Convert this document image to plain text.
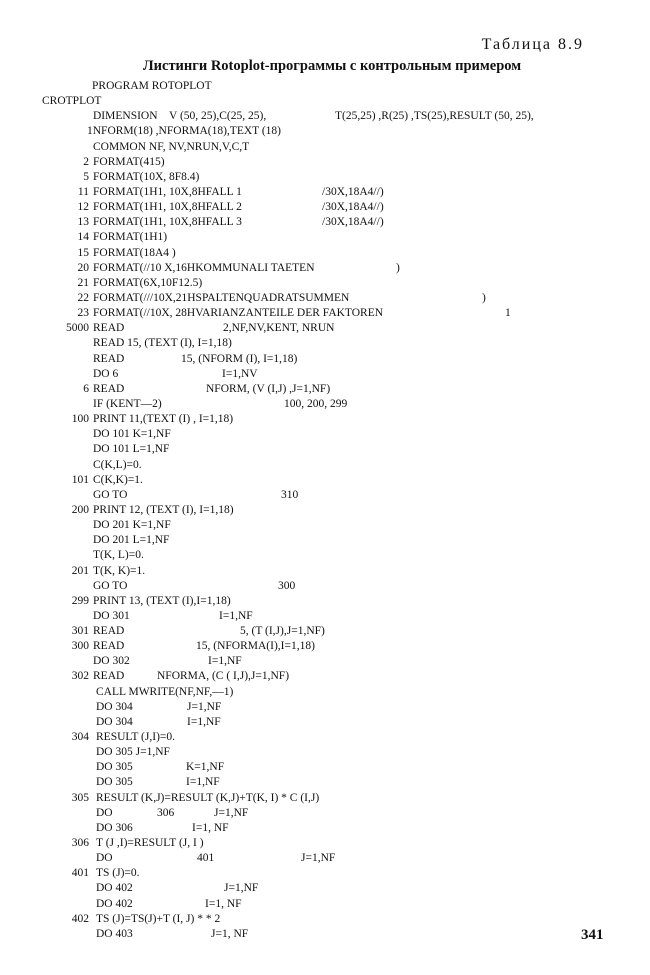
Таблица 8.9
Листинги Rotoplot-программы с контрольным примером
PROGRAM ROTOPLOT
CROTPLOT
DIMENSION V (50, 25),C(25, 25),	T(25,25) ,R(25) ,TS(25),RESULT (50, 25),
1NFORM(18) ,NFORMA(18),TEXT (18)
COMMON NF, NV,NRUN,V,C,T
2 FORMAT(415)
5 FORMAT(10X, 8F8.4)
11 FORMAT(1H1, 10X,8HFALL 1	/30X,18A4//)
12 FORMAT(1H1, 10X,8HFALL 2	/30X,18A4//)
13 FORMAT(1H1, 10X,8HFALL 3	/30X,18A4//)
14 FORMAT(1H1)
15 FORMAT(18A4 )
20 FORMAT(//10 X,16HKOMMUNALI TAETEN	)
21 FORMAT(6X,10F12.5)
22 FORMAT(///10X,21HSPALTENQUADRATSUMMEN	)
23 FORMAT(//10X, 28HVARIANZANTEILE DER FAKTOREN	1
5000 READ	2,NF,NV,KENT, NRUN
READ 15, (TEXT (I), I=1,18)
READ	15, (NFORM (I), I=1,18)
DO 6	I=1,NV
6 READ	NFORM, (V (I,J) ,J=1,NF)
IF (KENT—2)	100, 200, 299
100 PRINT 11,(TEXT (I) , I=1,18)
DO 101 K=1,NF
DO 101 L=1,NF
C(K,L)=0.
101 C(K,K)=1.
GO TO	310
200 PRINT 12, (TEXT (I), I=1,18)
DO 201 K=1,NF
DO 201 L=1,NF
T(K, L)=0.
201 T(K, K)=1.
GO TO	300
299 PRINT 13, (TEXT (I),I=1,18)
DO 301	I=1,NF
301 READ	5, (T (I,J),J=1,NF)
300 READ	15, (NFORMA(I),I=1,18)
DO 302	I=1,NF
302 READ	NFORMA, (C ( I,J),J=1,NF)
CALL MWRITE(NF,NF,—1)
DO 304	J=1,NF
DO 304	I=1,NF
304 RESULT (J,I)=0.
DO 305 J=1,NF
DO 305	K=1,NF
DO 305	I=1,NF
305 RESULT (K,J)=RESULT (K,J)+T(K, I) * C (I,J)
DO	306	J=1,NF
DO 306	I=1, NF
306 T (J ,I)=RESULT (J, I )
DO	401	J=1,NF
401 TS (J)=0.
DO 402	J=1,NF
DO 402	I=1, NF
402 TS (J)=TS(J)+T (I, J) * * 2
DO 403	J=1, NF	341
